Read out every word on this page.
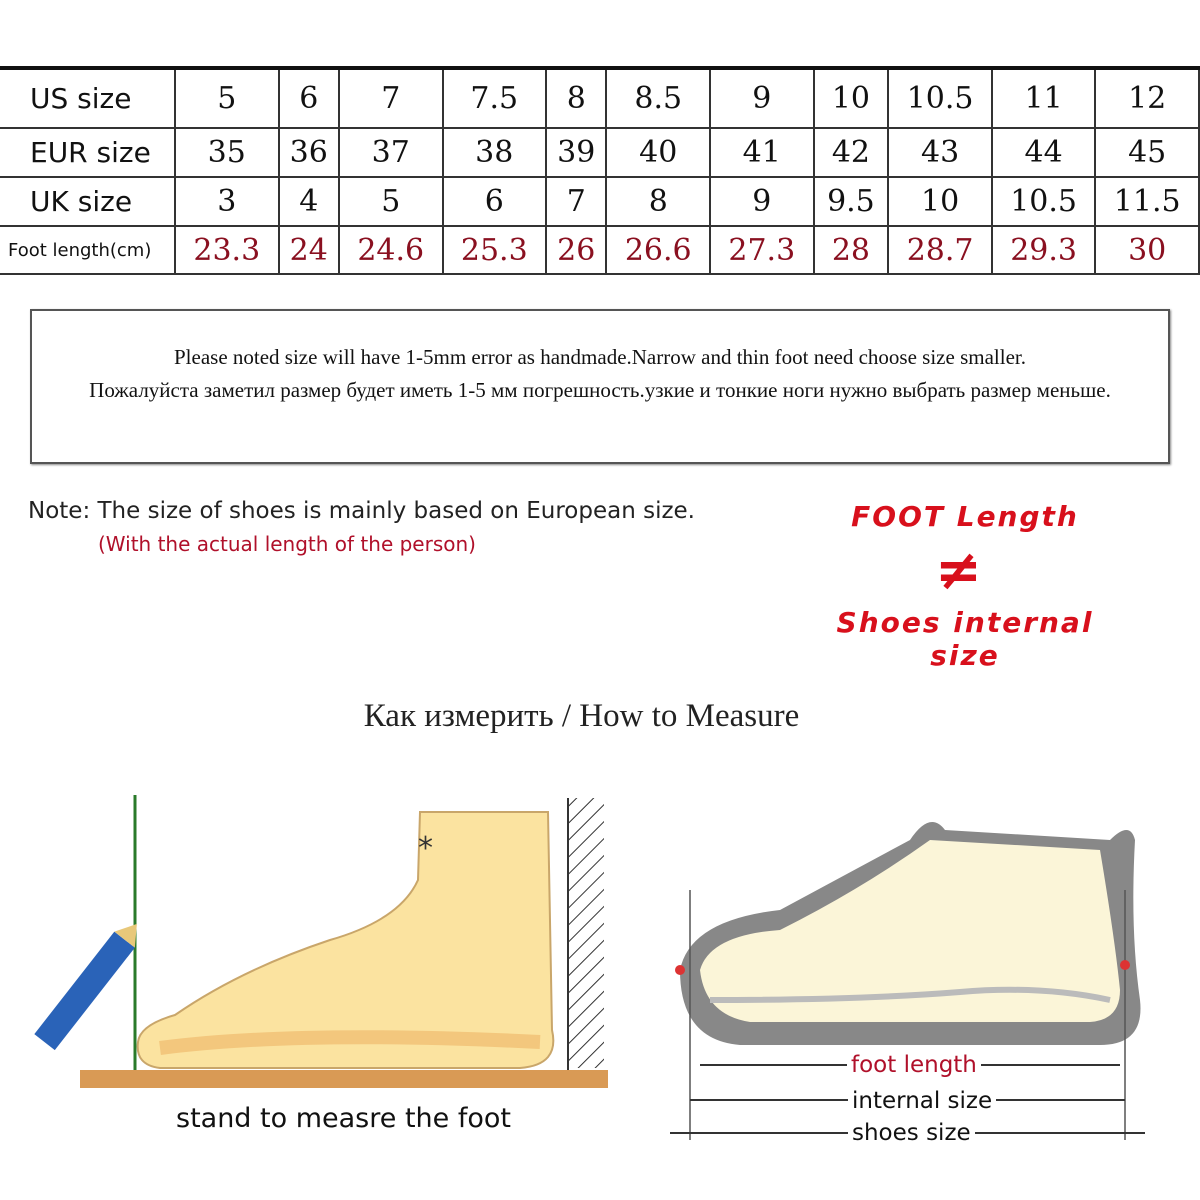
US size	5	6	7	7.5	8	8.5	9	10	10.5	11	12
EUR size	35	36	37	38	39	40	41	42	43	44	45
UK size	3	4	5	6	7	8	9	9.5	10	10.5	11.5
Foot length(cm)	23.3	24	24.6	25.3	26	26.6	27.3	28	28.7	29.3	30

Please noted size will have 1-5mm error as handmade.Narrow and thin foot need choose size smaller.

Пожалуйста заметил размер будет иметь 1-5 мм погрешность.узкие и тонкие ноги нужно выбрать размер меньше.

Note: The size of shoes is mainly based on European size.
(With the actual length of the person)
FOOT Length
≠
Shoes internal size
Как измерить / How to Measure
*
stand to measre the foot
foot length
internal size
shoes size
